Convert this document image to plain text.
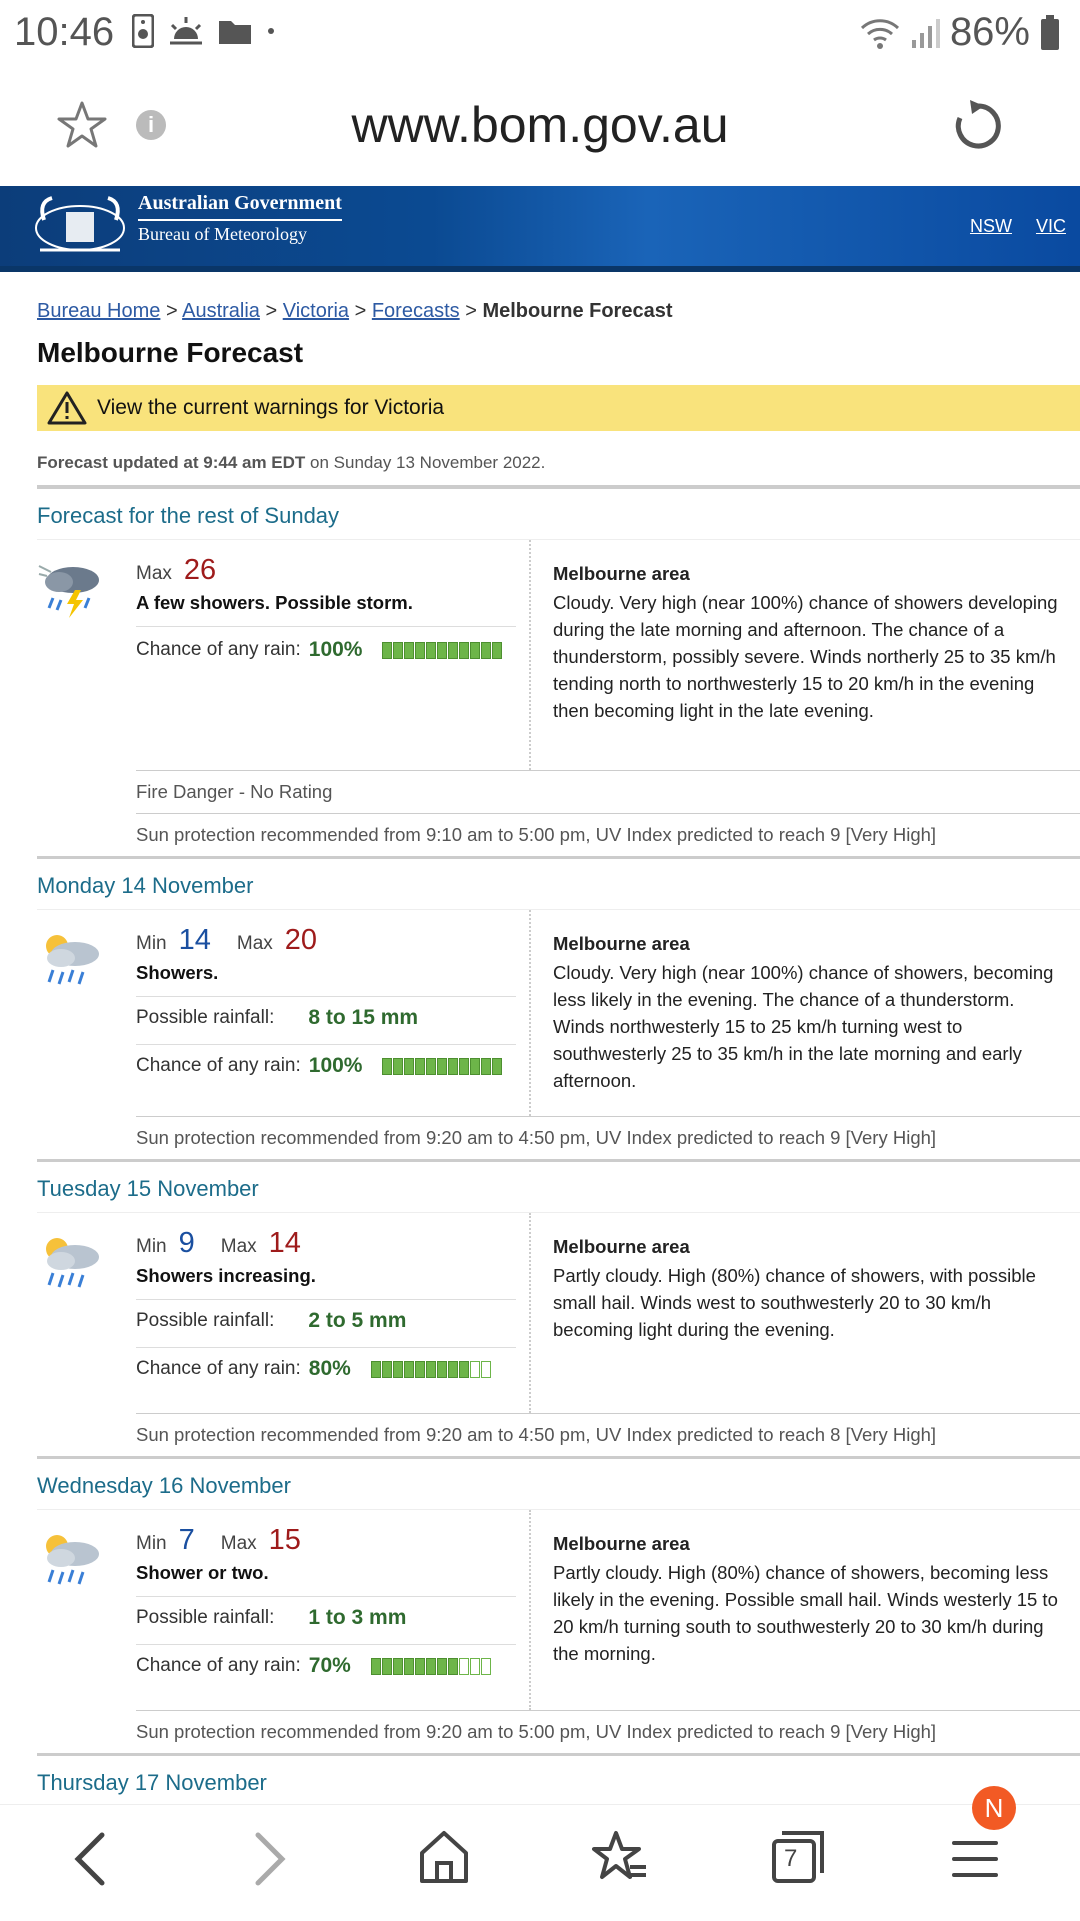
10:46	86%
i	www.bom.gov.au
Australian Government
Bureau of Meteorology	NSW VIC
Bureau Home > Australia > Victoria > Forecasts > Melbourne Forecast
Melbourne Forecast
View the current warnings for Victoria
Forecast updated at 9:44 am EDT on Sunday 13 November 2022.
Forecast for the rest of Sunday
Max 26
A few showers. Possible storm.
Chance of any rain: 100%
Melbourne area
Cloudy. Very high (near 100%) chance of showers developing during the late morning and afternoon. The chance of a thunderstorm, possibly severe. Winds northerly 25 to 35 km/h tending north to northwesterly 15 to 20 km/h in the evening then becoming light in the late evening.
Fire Danger - No Rating
Sun protection recommended from 9:10 am to 5:00 pm, UV Index predicted to reach 9 [Very High]
Monday 14 November
Min 14 Max 20
Showers.
Possible rainfall: 8 to 15 mm
Chance of any rain: 100%
Melbourne area
Cloudy. Very high (near 100%) chance of showers, becoming less likely in the evening. The chance of a thunderstorm. Winds northwesterly 15 to 25 km/h turning west to southwesterly 25 to 35 km/h in the late morning and early afternoon.
Sun protection recommended from 9:20 am to 4:50 pm, UV Index predicted to reach 9 [Very High]
Tuesday 15 November
Min 9 Max 14
Showers increasing.
Possible rainfall: 2 to 5 mm
Chance of any rain: 80%
Melbourne area
Partly cloudy. High (80%) chance of showers, with possible small hail. Winds west to southwesterly 20 to 30 km/h becoming light during the evening.
Sun protection recommended from 9:20 am to 4:50 pm, UV Index predicted to reach 8 [Very High]
Wednesday 16 November
Min 7 Max 15
Shower or two.
Possible rainfall: 1 to 3 mm
Chance of any rain: 70%
Melbourne area
Partly cloudy. High (80%) chance of showers, becoming less likely in the evening. Possible small hail. Winds westerly 15 to 20 km/h turning south to southwesterly 20 to 30 km/h during the morning.
Sun protection recommended from 9:20 am to 5:00 pm, UV Index predicted to reach 9 [Very High]
Thursday 17 November
7
N
